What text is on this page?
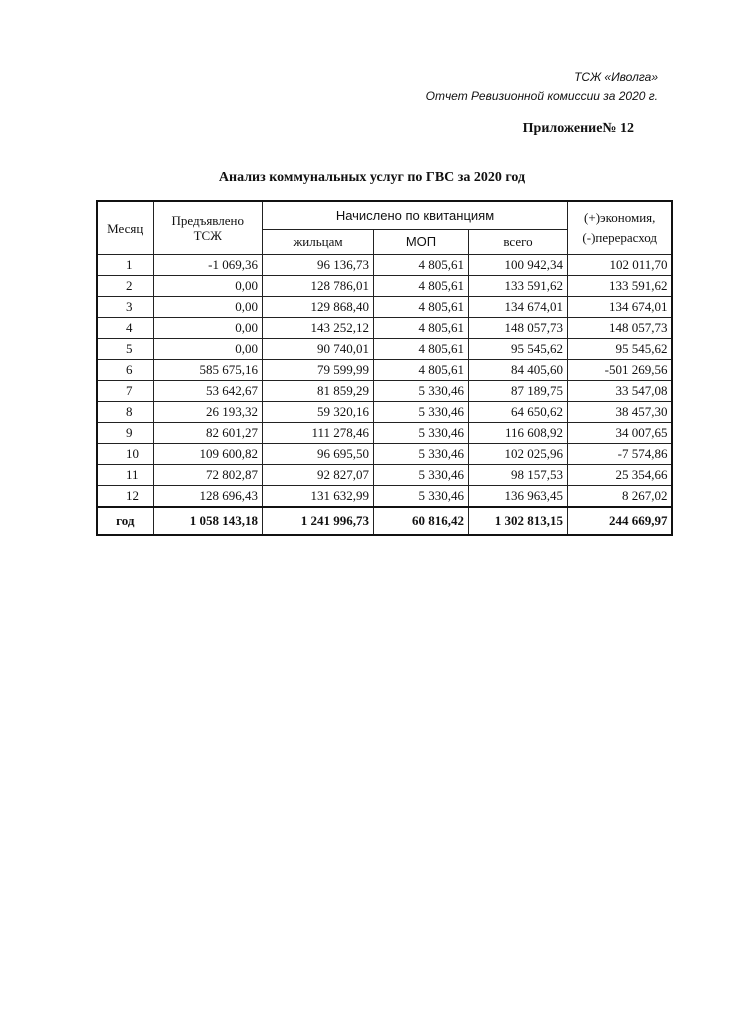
ТСЖ «Иволга»
Отчет Ревизионной комиссии за 2020 г.
Приложение№ 12
Анализ коммунальных услуг по ГВС за 2020 год
Месяц	Предъявлено ТСЖ	Начислено по квитанциям			(+)экономия, (-)перерасход
		жильцам	МОП	всего	
1	-1 069,36	96 136,73	4 805,61	100 942,34	102 011,70
2	0,00	128 786,01	4 805,61	133 591,62	133 591,62
3	0,00	129 868,40	4 805,61	134 674,01	134 674,01
4	0,00	143 252,12	4 805,61	148 057,73	148 057,73
5	0,00	90 740,01	4 805,61	95 545,62	95 545,62
6	585 675,16	79 599,99	4 805,61	84 405,60	-501 269,56
7	53 642,67	81 859,29	5 330,46	87 189,75	33 547,08
8	26 193,32	59 320,16	5 330,46	64 650,62	38 457,30
9	82 601,27	111 278,46	5 330,46	116 608,92	34 007,65
10	109 600,82	96 695,50	5 330,46	102 025,96	-7 574,86
11	72 802,87	92 827,07	5 330,46	98 157,53	25 354,66
12	128 696,43	131 632,99	5 330,46	136 963,45	8 267,02
год	1 058 143,18	1 241 996,73	60 816,42	1 302 813,15	244 669,97
